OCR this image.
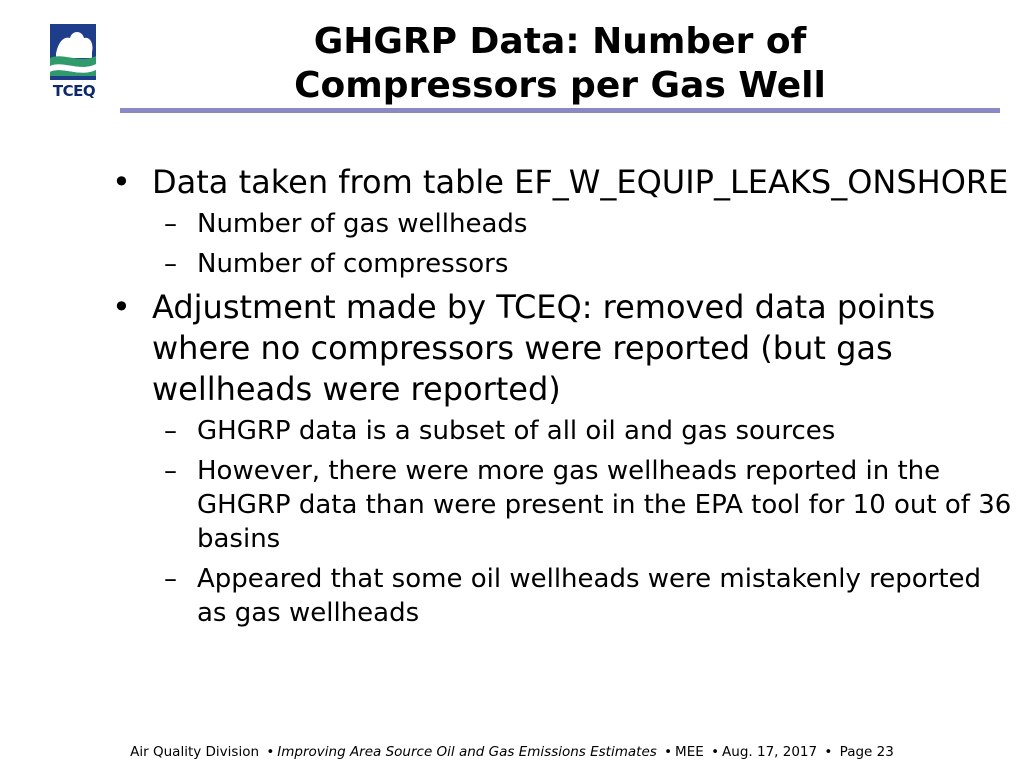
TCEQ
GHGRP Data: Number of
Compressors per Gas Well
• Data taken from table EF_W_EQUIP_LEAKS_ONSHORE
– Number of gas wellheads
– Number of compressors
• Adjustment made by TCEQ: removed data points where no compressors were reported (but gas wellheads were reported)
– GHGRP data is a subset of all oil and gas sources
– However, there were more gas wellheads reported in the GHGRP data than were present in the EPA tool for 10 out of 36 basins
– Appeared that some oil wellheads were mistakenly reported as gas wellheads
Air Quality Division • Improving Area Source Oil and Gas Emissions Estimates • MEE • Aug. 17, 2017 • Page 23
